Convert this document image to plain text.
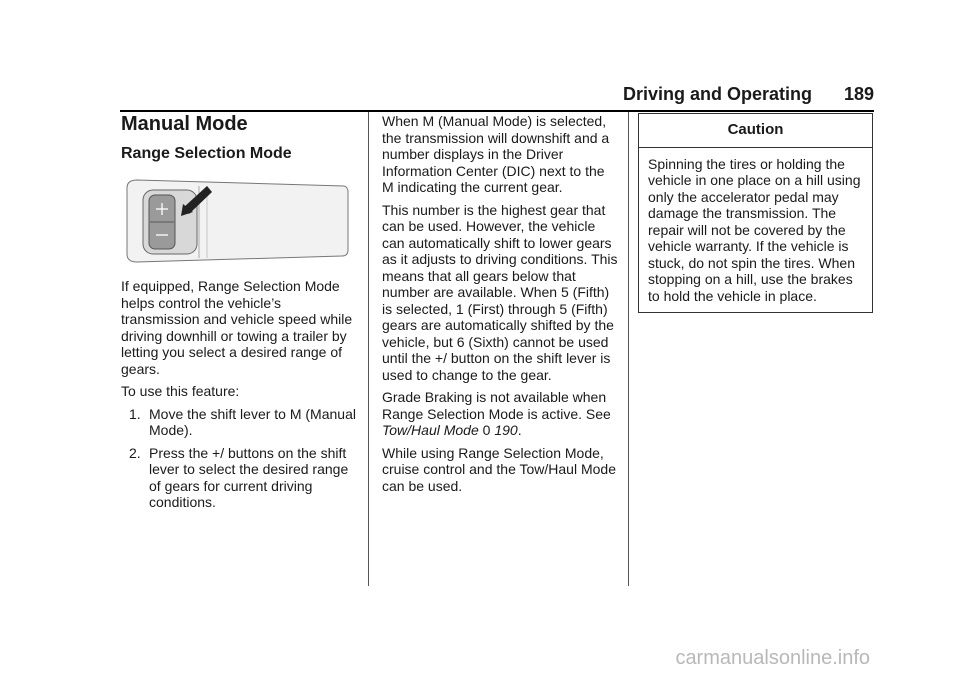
Driving and Operating 189
Manual Mode
Range Selection Mode

If equipped, Range Selection Mode helps control the vehicle’s transmission and vehicle speed while driving downhill or towing a trailer by letting you select a desired range of gears.

To use this feature:

1. Move the shift lever to M (Manual Mode).
2. Press the +/ buttons on the shift lever to select the desired range of gears for current driving conditions.

When M (Manual Mode) is selected, the transmission will downshift and a number displays in the Driver Information Center (DIC) next to the M indicating the current gear.

This number is the highest gear that can be used. However, the vehicle can automatically shift to lower gears as it adjusts to driving conditions. This means that all gears below that number are available. When 5 (Fifth) is selected, 1 (First) through 5 (Fifth) gears are automatically shifted by the vehicle, but 6 (Sixth) cannot be used until the +/ button on the shift lever is used to change to the gear.

Grade Braking is not available when Range Selection Mode is active. See Tow/Haul Mode 0 190.

While using Range Selection Mode, cruise control and the Tow/Haul Mode can be used.

Caution
Spinning the tires or holding the vehicle in one place on a hill using only the accelerator pedal may damage the transmission. The repair will not be covered by the vehicle warranty. If the vehicle is stuck, do not spin the tires. When stopping on a hill, use the brakes to hold the vehicle in place.
carmanualsonline.info
